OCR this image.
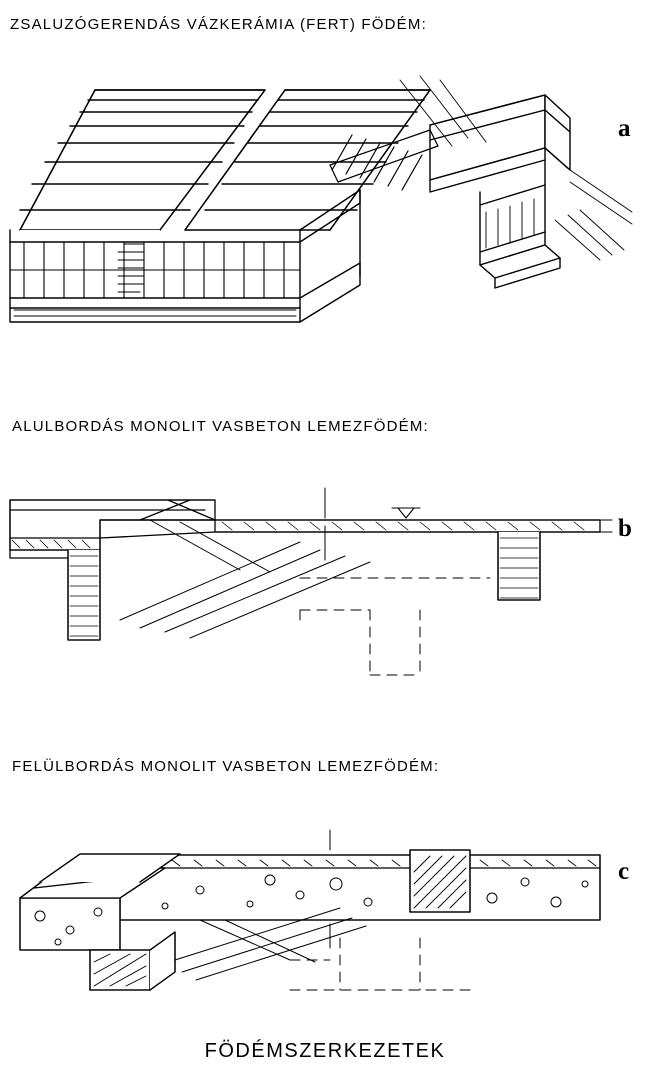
ZSALUZÓGERENDÁS VÁZKERÁMIA (FERT) FÖDÉM:
a
ALULBORDÁS MONOLIT VASBETON LEMEZFÖDÉM:
b
FELÜLBORDÁS MONOLIT VASBETON LEMEZFÖDÉM:
c
FÖDÉMSZERKEZETEK
